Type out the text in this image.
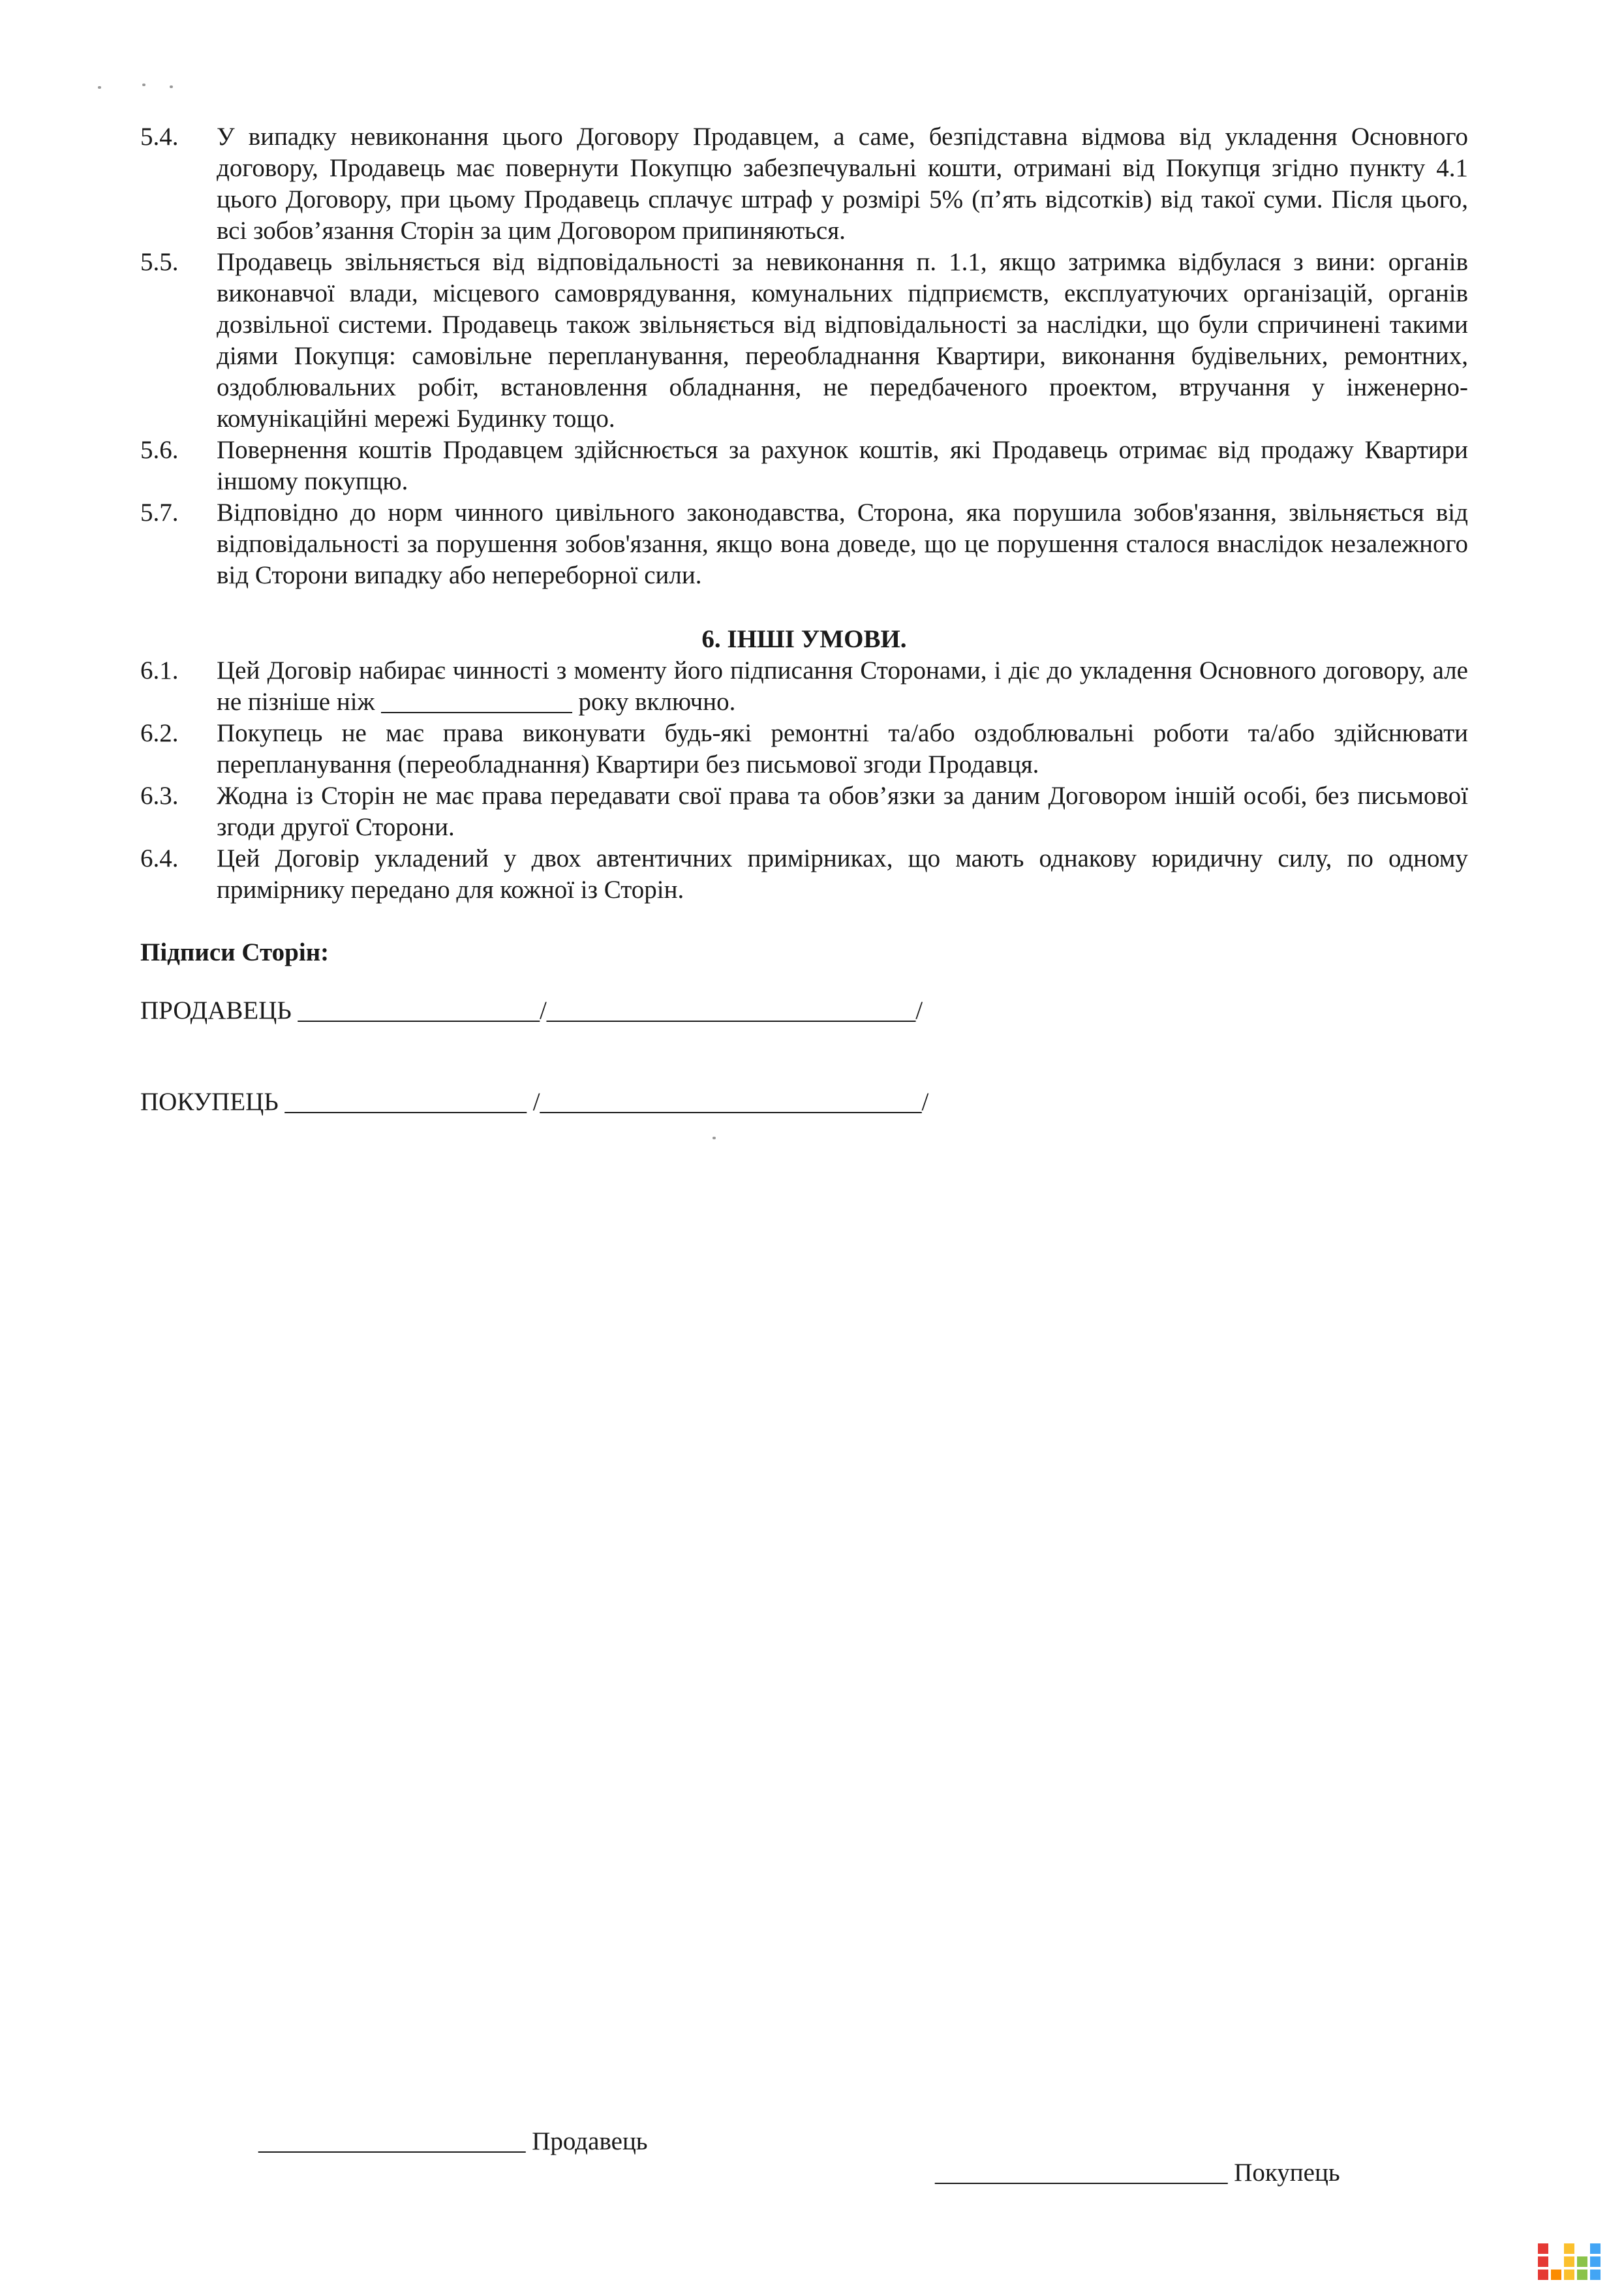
5.4. У випадку невиконання цього Договору Продавцем, а саме, безпідставна відмова від укладення Основного договору, Продавець має повернути Покупцю забезпечувальні кошти, отримані від Покупця згідно пункту 4.1 цього Договору, при цьому Продавець сплачує штраф у розмірі 5% (п’ять відсотків) від такої суми. Після цього, всі зобов’язання Сторін за цим Договором припиняються.
5.5. Продавець звільняється від відповідальності за невиконання п. 1.1, якщо затримка відбулася з вини: органів виконавчої влади, місцевого самоврядування, комунальних підприємств, експлуатуючих організацій, органів дозвільної системи. Продавець також звільняється від відповідальності за наслідки, що були спричинені такими діями Покупця: самовільне перепланування, переобладнання Квартири, виконання будівельних, ремонтних, оздоблювальних робіт, встановлення обладнання, не передбаченого проектом, втручання у інженерно-комунікаційні мережі Будинку тощо.
5.6. Повернення коштів Продавцем здійснюється за рахунок коштів, які Продавець отримає від продажу Квартири іншому покупцю.
5.7. Відповідно до норм чинного цивільного законодавства, Сторона, яка порушила зобов'язання, звільняється від відповідальності за порушення зобов'язання, якщо вона доведе, що це порушення сталося внаслідок незалежного від Сторони випадку або непереборної сили.
6. ІНШІ УМОВИ.
6.1. Цей Договір набирає чинності з моменту його підписання Сторонами, і діє до укладення Основного договору, але не пізніше ніж _______________ року включно.
6.2. Покупець не має права виконувати будь-які ремонтні та/або оздоблювальні роботи та/або здійснювати перепланування (переобладнання) Квартири без письмової згоди Продавця.
6.3. Жодна із Сторін не має права передавати свої права та обов’язки за даним Договором іншій особі, без письмової згоди другої Сторони.
6.4. Цей Договір укладений у двох автентичних примірниках, що мають однакову юридичну силу, по одному примірнику передано для кожної із Сторін.
Підписи Сторін:
ПРОДАВЕЦЬ ___________________/_____________________________/
ПОКУПЕЦЬ ___________________ /______________________________/

_____________________ Продавець

_______________________ Покупець
